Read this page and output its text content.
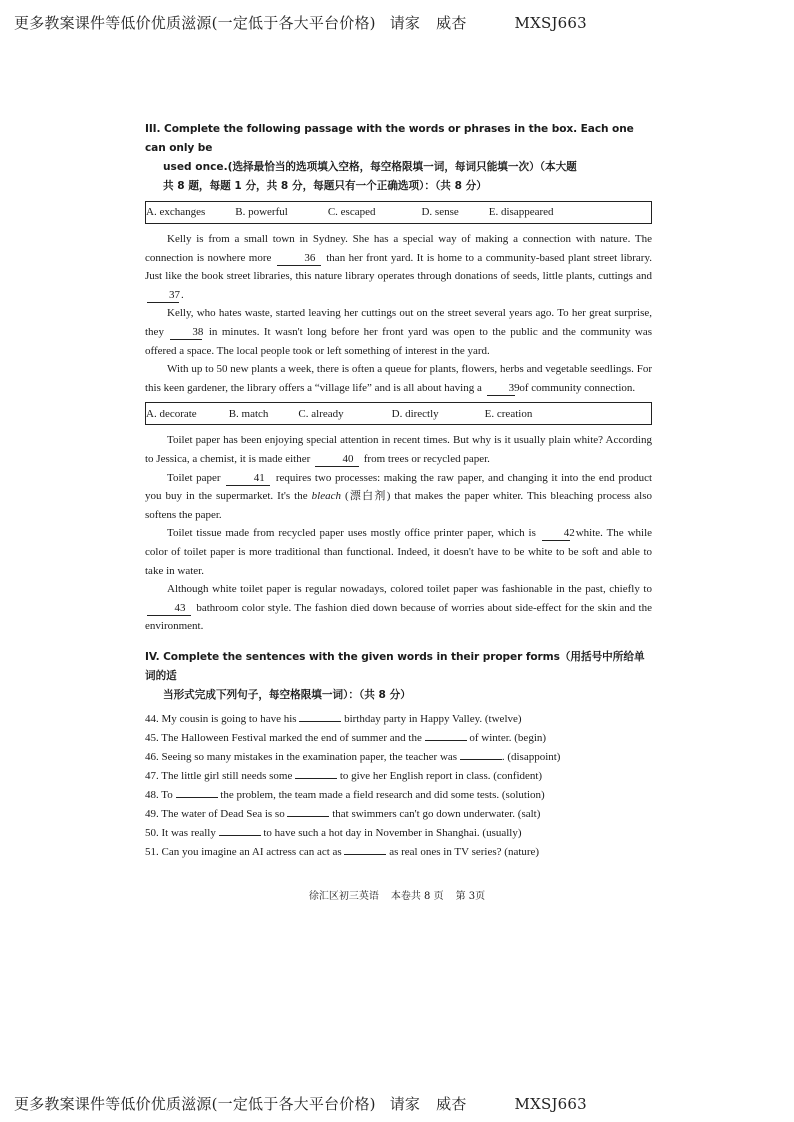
更多教案课件等低价优质滋源(一定低于各大平台价格) 请家 威杏	MXSJ663
III. Complete the following passage with the words or phrases in the box. Each one can only be
used once.(选择最恰当的选项填入空格，每空格限填一词，每词只能填一次）（本大题
共 8 题，每题 1 分，共 8 分，每题只有一个正确选项）：（共 8 分）
A. exchanges	B. powerful	C. escaped	D. sense	E. disappeared

Kelly is from a small town in Sydney. She has a special way of making a connection with nature. The connection is nowhere more	36 than her front yard. It is home to a community-based plant street library. Just like the book street libraries, this nature library operates through donations of seeds, little plants, cuttings and 37.

Kelly, who hates waste, started leaving her cuttings out on the street several years ago. To her great surprise, they	38 in minutes. It wasn't long before her front yard was open to the public and the community was offered a space. The local people took or left something of interest in the yard.

With up to 50 new plants a week, there is often a queue for plants, flowers, herbs and vegetable seedlings. For this keen gardener, the library offers a “village life” and is all about having a 39 of community connection.

A. decorate	B. match	C. already	D. directly	E. creation

Toilet paper has been enjoying special attention in recent times. But why is it usually plain white? According to Jessica, a chemist, it is made either	40 from trees or recycled paper.

Toilet paper	41 requires two processes: making the raw paper, and changing it into the end product you buy in the supermarket. It's the bleach (漂白剂) that makes the paper whiter. This bleaching process also softens the paper.

Toilet tissue made from recycled paper uses mostly office printer paper, which is	42 white. The while color of toilet paper is more traditional than functional. Indeed, it doesn't have to be white to be soft and able to take in water.

Although white toilet paper is regular nowadays, colored toilet paper was fashionable in the past, chiefly to 43 bathroom color style. The fashion died down because of worries about side-effect for the skin and the environment.

IV. Complete the sentences with the given words in their proper forms（用括号中所给单词的适
当形式完成下列句子，每空格限填一词）：（共 8 分）
44. My cousin is going to have his	birthday party in Happy Valley. (twelve)
45. The Halloween Festival marked the end of summer and the	of winter. (begin)
46. Seeing so many mistakes in the examination paper, the teacher was	. (disappoint)
47. The little girl still needs some	to give her English report in class. (confident)
48. To	the problem, the team made a field research and did some tests. (solution)
49. The water of Dead Sea is so	that swimmers can't go down underwater. (salt)
50. It was really	to have such a hot day in November in Shanghai. (usually)
51. Can you imagine an AI actress can act as	as real ones in TV series? (nature)
徐汇区初三英语 本卷共 8 页 第 3页
更多教案课件等低价优质滋源(一定低于各大平台价格) 请家 威杏	MXSJ663
